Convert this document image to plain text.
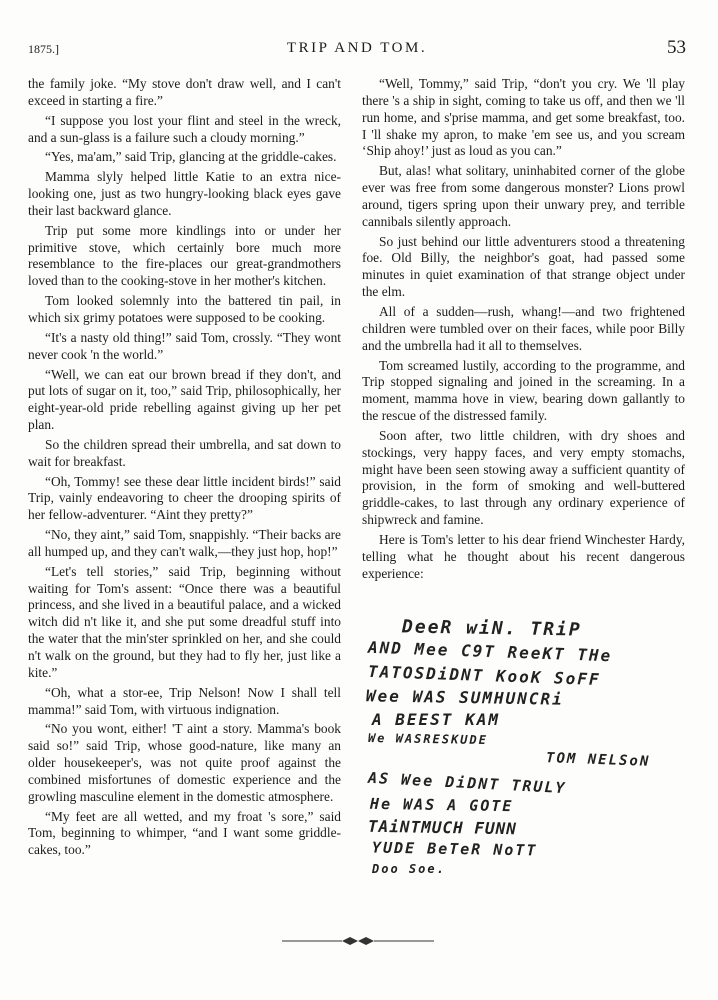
1875.]	TRIP AND TOM.	53

the family joke. “My stove don't draw well, and I can't exceed in starting a fire.”

“I suppose you lost your flint and steel in the wreck, and a sun-glass is a failure such a cloudy morning.”

“Yes, ma'am,” said Trip, glancing at the griddle-cakes.

Mamma slyly helped little Katie to an extra nice-looking one, just as two hungry-looking black eyes gave their last backward glance.

Trip put some more kindlings into or under her primitive stove, which certainly bore much more resemblance to the fire-places our great-grandmothers loved than to the cooking-stove in her mother's kitchen.

Tom looked solemnly into the battered tin pail, in which six grimy potatoes were supposed to be cooking.

“It's a nasty old thing!” said Tom, crossly. “They wont never cook 'n the world.”

“Well, we can eat our brown bread if they don't, and put lots of sugar on it, too,” said Trip, philosophically, her eight-year-old pride rebelling against giving up her pet plan.

So the children spread their umbrella, and sat down to wait for breakfast.

“Oh, Tommy! see these dear little incident birds!” said Trip, vainly endeavoring to cheer the drooping spirits of her fellow-adventurer. “Aint they pretty?”

“No, they aint,” said Tom, snappishly. “Their backs are all humped up, and they can't walk,—they just hop, hop!”

“Let's tell stories,” said Trip, beginning without waiting for Tom's assent: “Once there was a beautiful princess, and she lived in a beautiful palace, and a wicked witch did n't like it, and she put some dreadful stuff into the water that the min'ster sprinkled on her, and she could n't walk on the ground, but they had to fly her, just like a kite.”

“Oh, what a stor-ee, Trip Nelson! Now I shall tell mamma!” said Tom, with virtuous indignation.

“No you wont, either! 'T aint a story. Mamma's book said so!” said Trip, whose good-nature, like many an older housekeeper's, was not quite proof against the combined misfortunes of domestic experience and the growling masculine element in the domestic atmosphere.

“My feet are all wetted, and my froat 's sore,” said Tom, beginning to whimper, “and I want some griddle-cakes, too.”

“Well, Tommy,” said Trip, “don't you cry. We 'll play there 's a ship in sight, coming to take us off, and then we 'll run home, and s'prise mamma, and get some breakfast, too. I 'll shake my apron, to make 'em see us, and you scream ‘Ship ahoy!’ just as loud as you can.”

But, alas! what solitary, uninhabited corner of the globe ever was free from some dangerous monster? Lions prowl around, tigers spring upon their unwary prey, and terrible cannibals silently approach.

So just behind our little adventurers stood a threatening foe. Old Billy, the neighbor's goat, had passed some minutes in quiet examination of that strange object under the elm.

All of a sudden—rush, whang!—and two frightened children were tumbled over on their faces, while poor Billy and the umbrella had it all to themselves.

Tom screamed lustily, according to the programme, and Trip stopped signaling and joined in the screaming. In a moment, mamma hove in view, bearing down gallantly to the rescue of the distressed family.

Soon after, two little children, with dry shoes and stockings, very happy faces, and very empty stomachs, might have been seen stowing away a sufficient quantity of provision, in the form of smoking and well-buttered griddle-cakes, to last through any ordinary experience of shipwreck and famine.

Here is Tom's letter to his dear friend Winchester Hardy, telling what he thought about his recent dangerous experience:

DeeR wiN. TRiP
AND Mee C9T ReeKT THe
TATOSDiDNT KooK SoFF
Wee WAS SUMHUNCRi
A BEEST KAM
We WASRESKUDE
TOM NELSoN
AS Wee DiDNT TRULY
He WAS A GOTE
TAiNTMUCH FUNN
YUDE BeTeR NoTT
Doo Soe.
